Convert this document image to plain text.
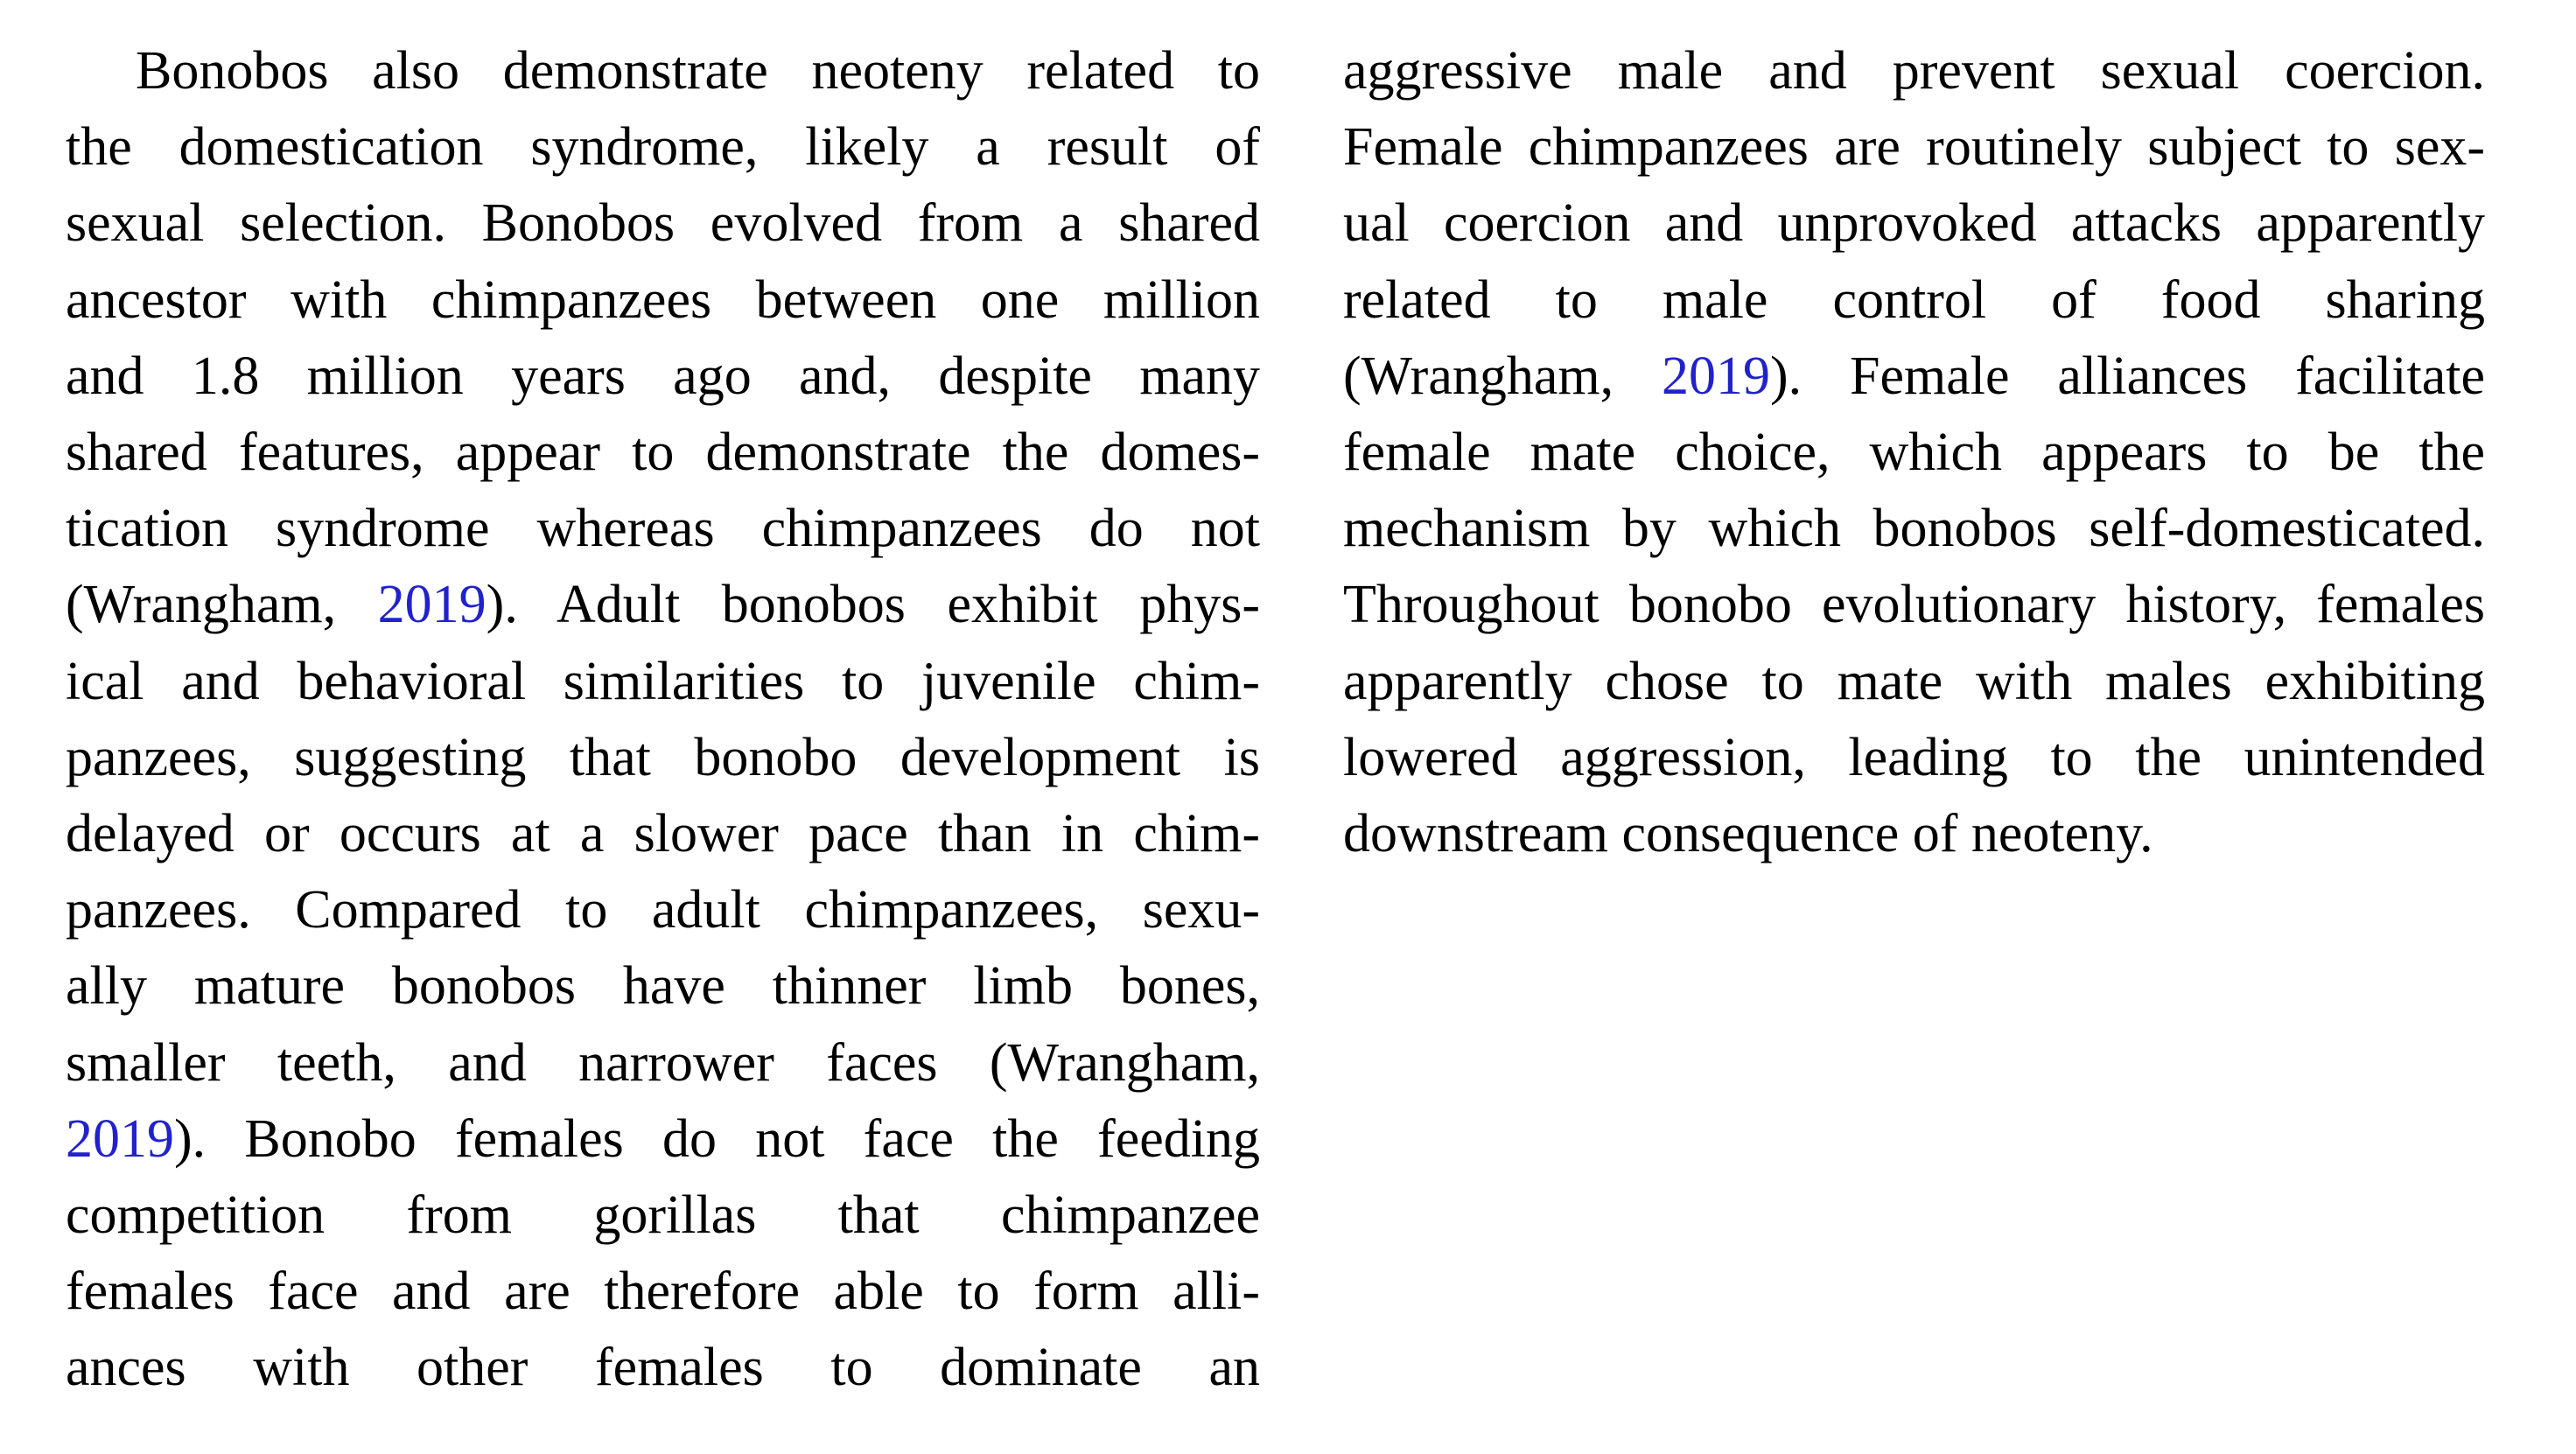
Bonobos also demonstrate neoteny related to
the domestication syndrome, likely a result of
sexual selection. Bonobos evolved from a shared
ancestor with chimpanzees between one million
and 1.8 million years ago and, despite many
shared features, appear to demonstrate the domes-
tication syndrome whereas chimpanzees do not
(Wrangham, 2019). Adult bonobos exhibit phys-
ical and behavioral similarities to juvenile chim-
panzees, suggesting that bonobo development is
delayed or occurs at a slower pace than in chim-
panzees. Compared to adult chimpanzees, sexu-
ally mature bonobos have thinner limb bones,
smaller teeth, and narrower faces (Wrangham,
2019). Bonobo females do not face the feeding
competition from gorillas that chimpanzee
females face and are therefore able to form alli-
ances with other females to dominate an
aggressive male and prevent sexual coercion.
Female chimpanzees are routinely subject to sex-
ual coercion and unprovoked attacks apparently
related to male control of food sharing
(Wrangham, 2019). Female alliances facilitate
female mate choice, which appears to be the
mechanism by which bonobos self-domesticated.
Throughout bonobo evolutionary history, females
apparently chose to mate with males exhibiting
lowered aggression, leading to the unintended
downstream consequence of neoteny.
